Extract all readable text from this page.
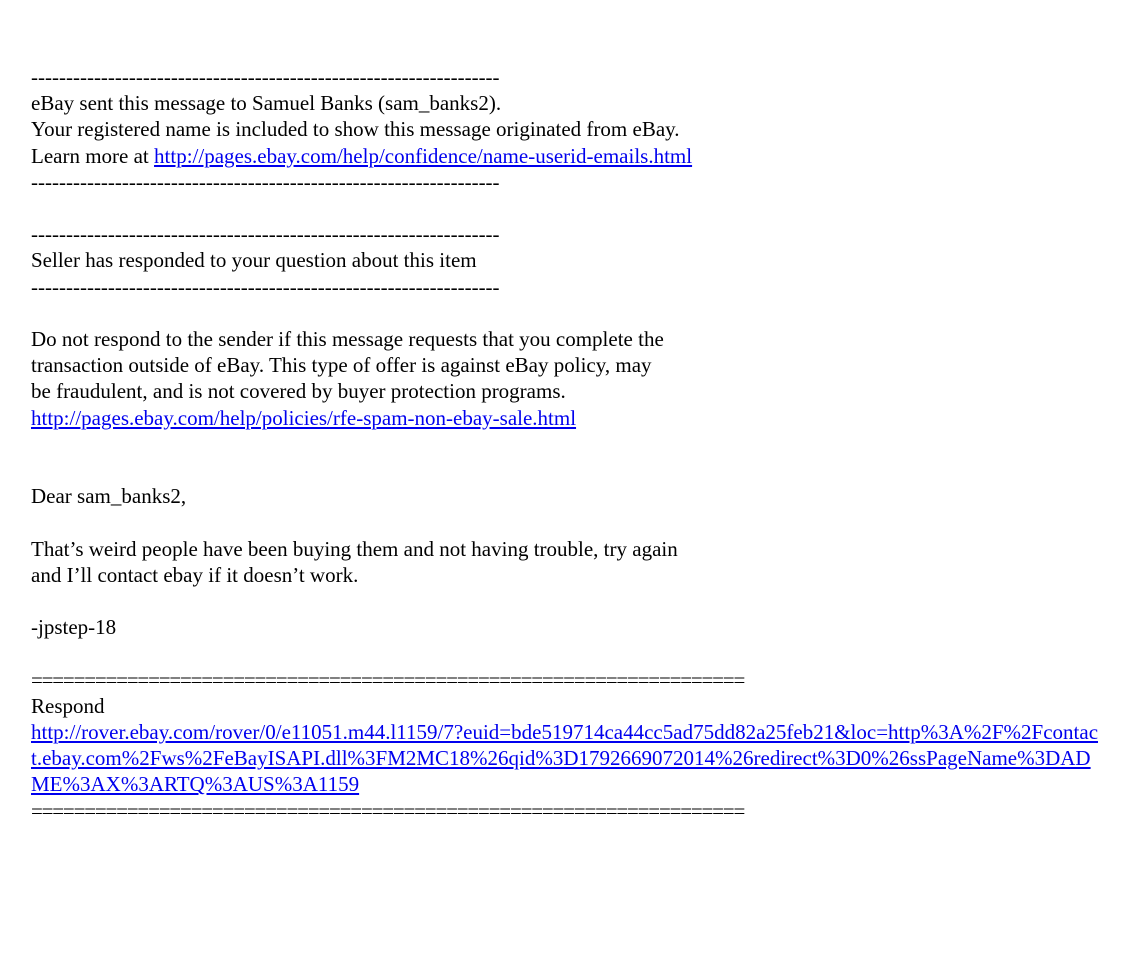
-------------------------------------------------------------------
eBay sent this message to Samuel Banks (sam_banks2).
Your registered name is included to show this message originated from eBay.
Learn more at http://pages.ebay.com/help/confidence/name-userid-emails.html
-------------------------------------------------------------------
-------------------------------------------------------------------
Seller has responded to your question about this item
-------------------------------------------------------------------
Do not respond to the sender if this message requests that you complete the
transaction outside of eBay. This type of offer is against eBay policy, may
be fraudulent, and is not covered by buyer protection programs.
http://pages.ebay.com/help/policies/rfe-spam-non-ebay-sale.html
Dear sam_banks2,
That’s weird people have been buying them and not having trouble, try again
and I’ll contact ebay if it doesn’t work.
-jpstep-18
===================================================================
Respond
http://rover.ebay.com/rover/0/e11051.m44.l1159/7?euid=bde519714ca44cc5ad75dd82a25feb21&loc=http%3A%2F%2Fcontact.ebay.com%2Fws%2FeBayISAPI.dll%3FM2MC18%26qid%3D1792669072014%26redirect%3D0%26ssPageName%3DADME%3AX%3ARTQ%3AUS%3A1159
===================================================================
